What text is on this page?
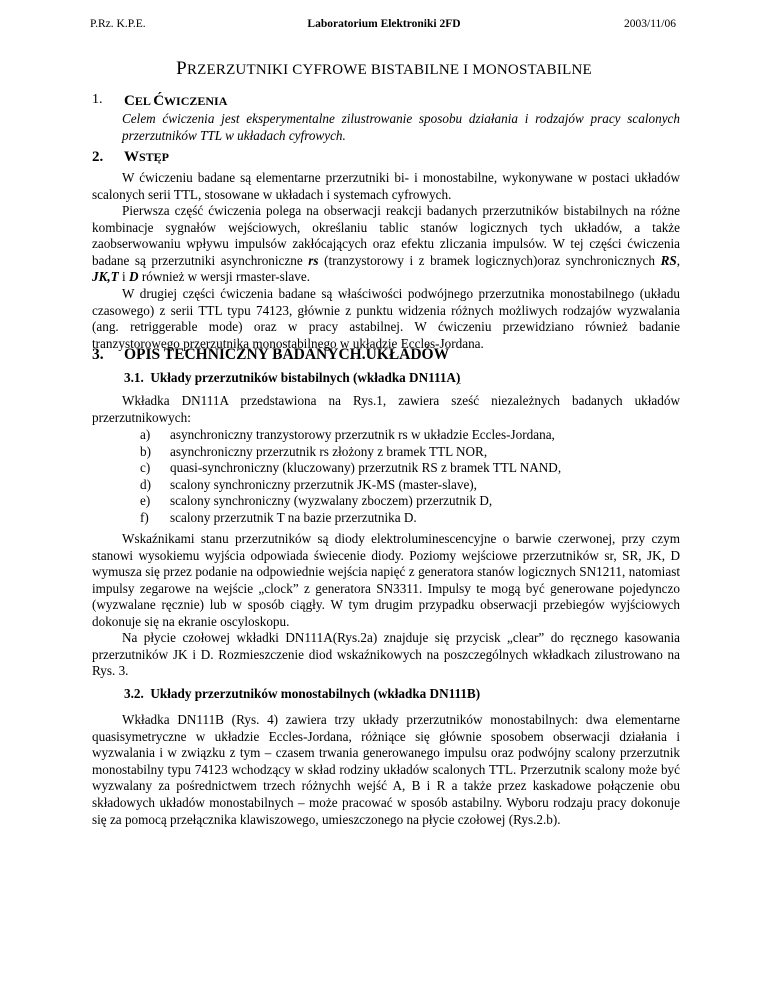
P.Rz. K.P.E.	Laboratorium Elektroniki 2FD	2003/11/06
PRZERZUTNIKI CYFROWE BISTABILNE I MONOSTABILNE
1. CEL ĆWICZENIA

Celem ćwiczenia jest eksperymentalne zilustrowanie sposobu działania i rodzajów pracy scalonych przerzutników TTL w układach cyfrowych.

2. WSTĘP

W ćwiczeniu badane są elementarne przerzutniki bi- i monostabilne, wykonywane w postaci układów scalonych serii TTL, stosowane w układach i systemach cyfrowych.

Pierwsza część ćwiczenia polega na obserwacji reakcji badanych przerzutników bistabilnych na różne kombinacje sygnałów wejściowych, określaniu tablic stanów logicznych tych układów, a także zaobserwowaniu wpływu impulsów zakłócających oraz efektu zliczania impulsów. W tej części ćwiczenia badane są przerzutniki asynchroniczne rs (tranzystorowy i z bramek logicznych)oraz synchronicznych RS, JK,T i D również w wersji rmaster-slave.

W drugiej części ćwiczenia badane są właściwości podwójnego przerzutnika monostabilnego (układu czasowego) z serii TTL typu 74123, głównie z punktu widzenia różnych możliwych rodzajów wyzwalania (ang. retriggerable mode) oraz w pracy astabilnej. W ćwiczeniu przewidziano również badanie tranzystorowego przerzutnika monostabilnego w układzie Eccles-Jordana.

3. OPIS TECHNICZNY BADANYCH.UKŁADÓW
3.1. Układy przerzutników bistabilnych (wkładka DN111A)

Wkładka DN111A przedstawiona na Rys.1, zawiera sześć niezależnych badanych układów przerzutnikowych:

a) asynchroniczny tranzystorowy przerzutnik rs w układzie Eccles-Jordana,
b) asynchroniczny przerzutnik rs złożony z bramek TTL NOR,
c) quasi-synchroniczny (kluczowany) przerzutnik RS z bramek TTL NAND,
d) scalony synchroniczny przerzutnik JK-MS (master-slave),
e) scalony synchroniczny (wyzwalany zboczem) przerzutnik D,
f) scalony przerzutnik T na bazie przerzutnika D.

Wskaźnikami stanu przerzutników są diody elektroluminescencyjne o barwie czerwonej, przy czym stanowi wysokiemu wyjścia odpowiada świecenie diody. Poziomy wejściowe przerzutników sr, SR, JK, D wymusza się przez podanie na odpowiednie wejścia napięć z generatora stanów logicznych SN1211, natomiast impulsy zegarowe na wejście „clock” z generatora SN3311. Impulsy te mogą być generowane pojedynczo (wyzwalane ręcznie) lub w sposób ciągły. W tym drugim przypadku obserwacji przebiegów wyjściowych dokonuje się na ekranie oscyloskopu.

Na płycie czołowej wkładki DN111A(Rys.2a) znajduje się przycisk „clear” do ręcznego kasowania przerzutników JK i D. Rozmieszczenie diod wskaźnikowych na poszczególnych wkładkach zilustrowano na Rys. 3.

3.2. Układy przerzutników monostabilnych (wkładka DN111B)

Wkładka DN111B (Rys. 4) zawiera trzy układy przerzutników monostabilnych: dwa elementarne quasisymetryczne w układzie Eccles-Jordana, różniące się głównie sposobem obserwacji działania i wyzwalania i w związku z tym – czasem trwania generowanego impulsu oraz podwójny scalony przerzutnik monostabilny typu 74123 wchodzący w skład rodziny układów scalonych TTL. Przerzutnik scalony może być wyzwalany za pośrednictwem trzech różnychh wejść A, B i R a także przez kaskadowe połączenie obu składowych układów monostabilnych – może pracować w sposób astabilny. Wyboru rodzaju pracy dokonuje się za pomocą przełącznika klawiszowego, umieszczonego na płycie czołowej (Rys.2.b).
